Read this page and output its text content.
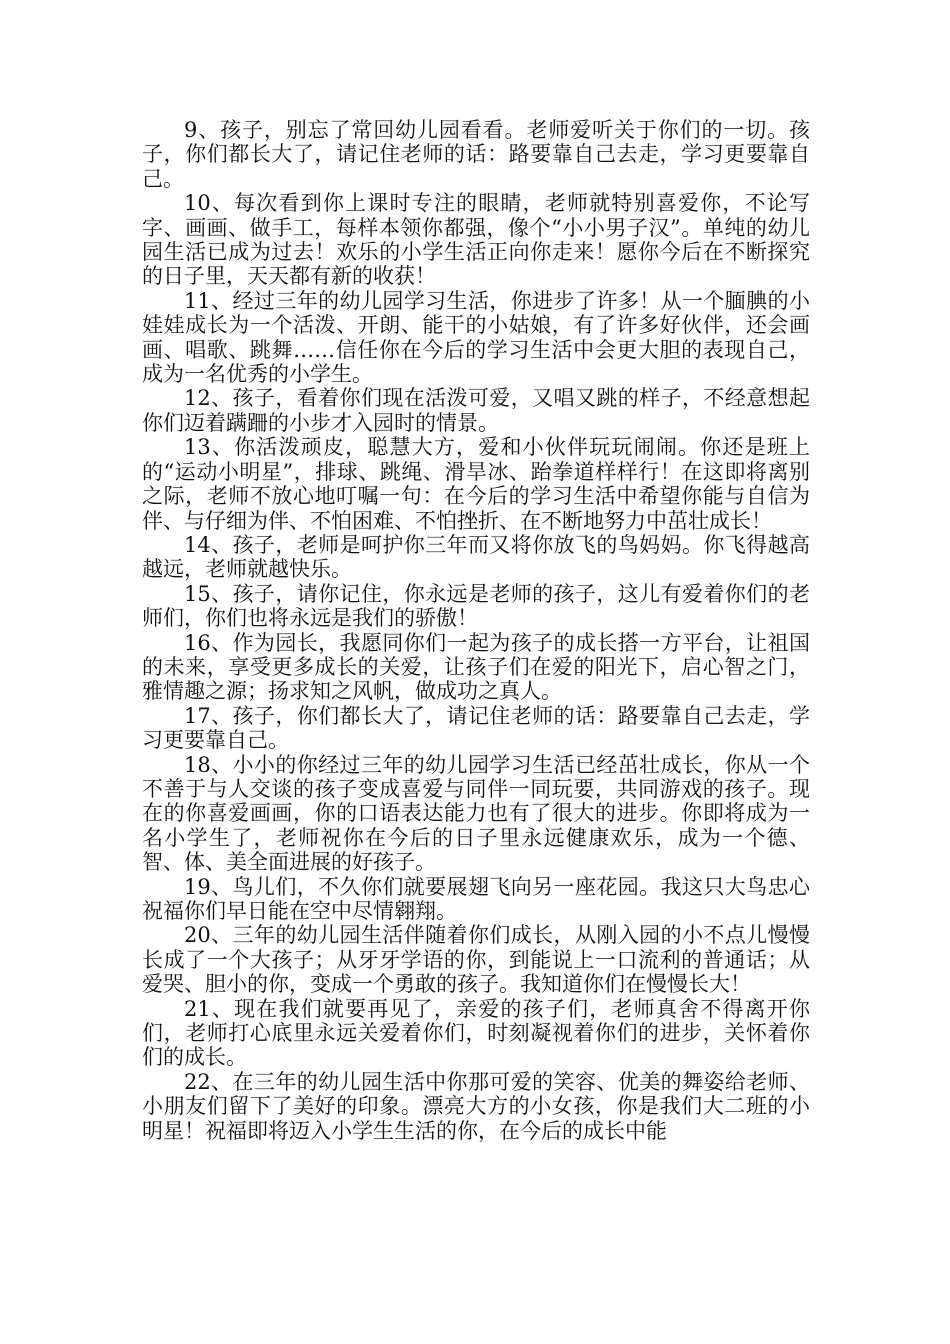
9、孩子，别忘了常回幼儿园看看。老师爱听关于你们的一切。孩子，你们都长大了，请记住老师的话：路要靠自己去走，学习更要靠自己。

10、每次看到你上课时专注的眼睛，老师就特别喜爱你，不论写字、画画、做手工，每样本领你都强，像个“小小男子汉”。单纯的幼儿园生活已成为过去！欢乐的小学生活正向你走来！愿你今后在不断探究的日子里，天天都有新的收获！

11、经过三年的幼儿园学习生活，你进步了许多！从一个腼腆的小娃娃成长为一个活泼、开朗、能干的小姑娘，有了许多好伙伴，还会画画、唱歌、跳舞……信任你在今后的学习生活中会更大胆的表现自己，成为一名优秀的小学生。

12、孩子，看着你们现在活泼可爱，又唱又跳的样子，不经意想起你们迈着蹒跚的小步才入园时的情景。

13、你活泼顽皮，聪慧大方，爱和小伙伴玩玩闹闹。你还是班上的“运动小明星”，排球、跳绳、滑旱冰、跆拳道样样行！在这即将离别之际，老师不放心地叮嘱一句：在今后的学习生活中希望你能与自信为伴、与仔细为伴、不怕困难、不怕挫折、在不断地努力中茁壮成长！

14、孩子，老师是呵护你三年而又将你放飞的鸟妈妈。你飞得越高越远，老师就越快乐。

15、孩子，请你记住，你永远是老师的孩子，这儿有爱着你们的老师们，你们也将永远是我们的骄傲！

16、作为园长，我愿同你们一起为孩子的成长搭一方平台，让祖国的未来，享受更多成长的关爱，让孩子们在爱的阳光下，启心智之门，雅情趣之源；扬求知之风帆，做成功之真人。

17、孩子，你们都长大了，请记住老师的话：路要靠自己去走，学习更要靠自己。

18、小小的你经过三年的幼儿园学习生活已经茁壮成长，你从一个不善于与人交谈的孩子变成喜爱与同伴一同玩要，共同游戏的孩子。现在的你喜爱画画，你的口语表达能力也有了很大的进步。你即将成为一名小学生了，老师祝你在今后的日子里永远健康欢乐，成为一个德、智、体、美全面进展的好孩子。

19、鸟儿们，不久你们就要展翅飞向另一座花园。我这只大鸟忠心祝福你们早日能在空中尽情翱翔。

20、三年的幼儿园生活伴随着你们成长，从刚入园的小不点儿慢慢长成了一个大孩子；从牙牙学语的你，到能说上一口流利的普通话；从爱哭、胆小的你，变成一个勇敢的孩子。我知道你们在慢慢长大！

21、现在我们就要再见了，亲爱的孩子们，老师真舍不得离开你们，老师打心底里永远关爱着你们，时刻凝视着你们的进步，关怀着你们的成长。

22、在三年的幼儿园生活中你那可爱的笑容、优美的舞姿给老师、小朋友们留下了美好的印象。漂亮大方的小女孩，你是我们大二班的小明星！祝福即将迈入小学生生活的你，在今后的成长中能
